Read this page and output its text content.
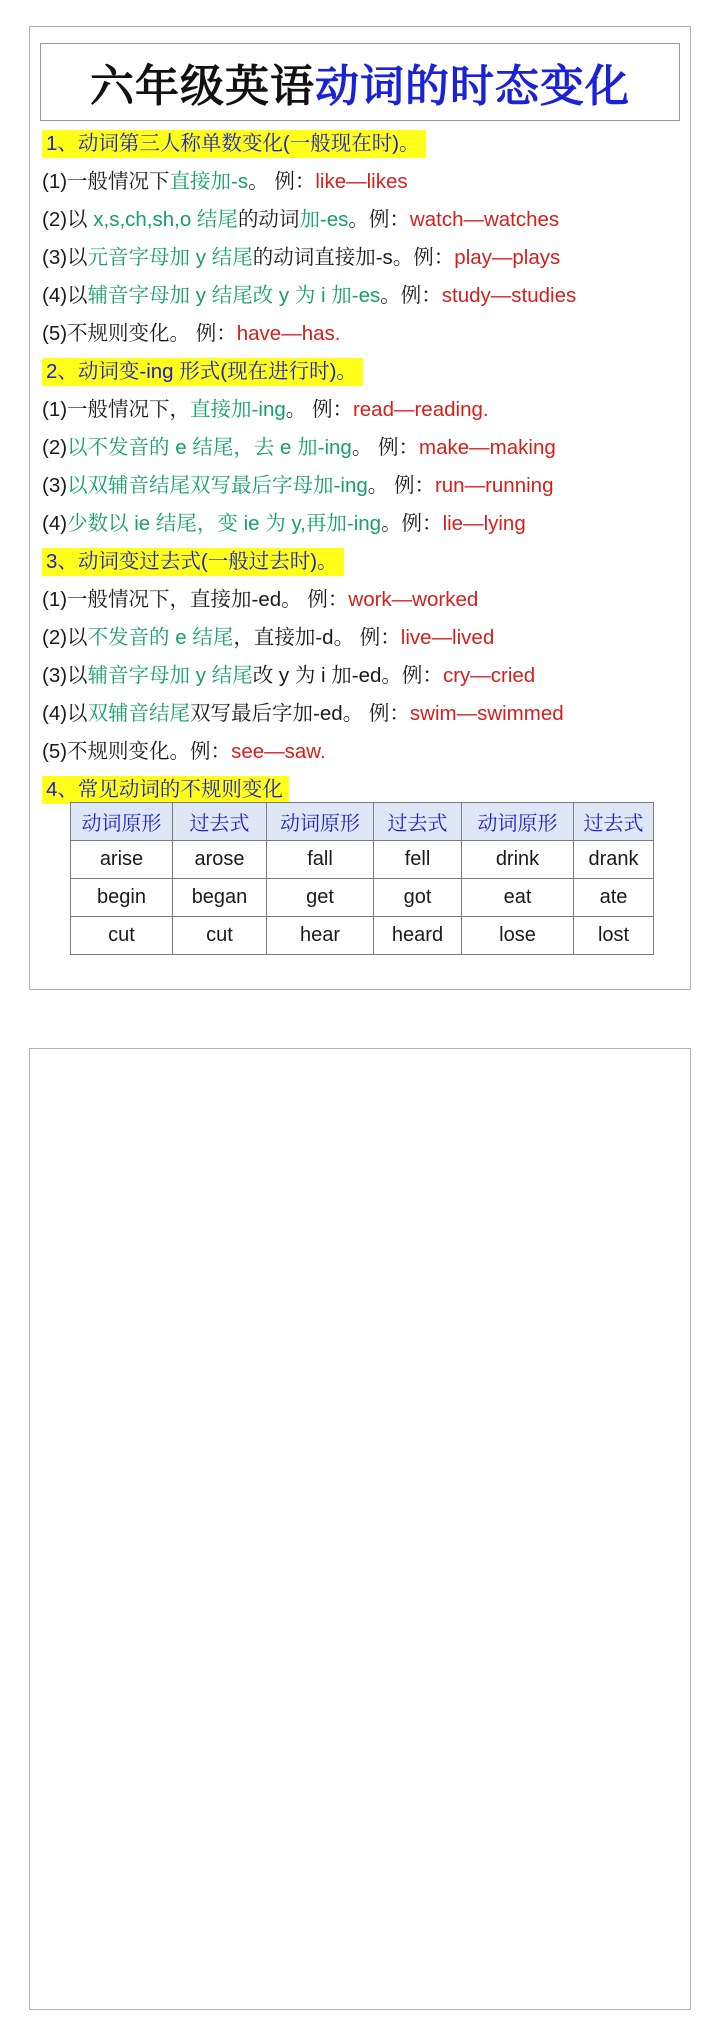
六年级英语 动词的时态变化
1、动词第三人称单数变化(一般现在时)。
(1)一般情况下直接加-s。 例：like—likes
(2)以 x,s,ch,sh,o 结尾的动词加-es。例：watch—watches
(3)以元音字母加 y 结尾的动词直接加-s。例：play—plays
(4)以辅音字母加 y 结尾改 y 为 i 加-es。例：study—studies
(5)不规则变化。 例：have—has.
2、动词变-ing 形式(现在进行时)。
(1)一般情况下，直接加-ing。 例：read—reading.
(2)以不发音的 e 结尾，去 e 加-ing。 例：make—making
(3)以双辅音结尾双写最后字母加-ing。 例：run—running
(4)少数以 ie 结尾，变 ie 为 y,再加-ing。例：lie—lying
3、动词变过去式(一般过去时)。
(1)一般情况下，直接加-ed。 例：work—worked
(2)以不发音的 e 结尾，直接加-d。 例：live—lived
(3)以辅音字母加 y 结尾改 y 为 i 加-ed。例：cry—cried
(4)以双辅音结尾双写最后字加-ed。 例：swim—swimmed
(5)不规则变化。例：see—saw.
4、常见动词的不规则变化
动词原形	过去式	动词原形	过去式	动词原形	过去式
arise	arose	fall	fell	drink	drank
begin	began	get	got	eat	ate
cut	cut	hear	heard	lose	lost
